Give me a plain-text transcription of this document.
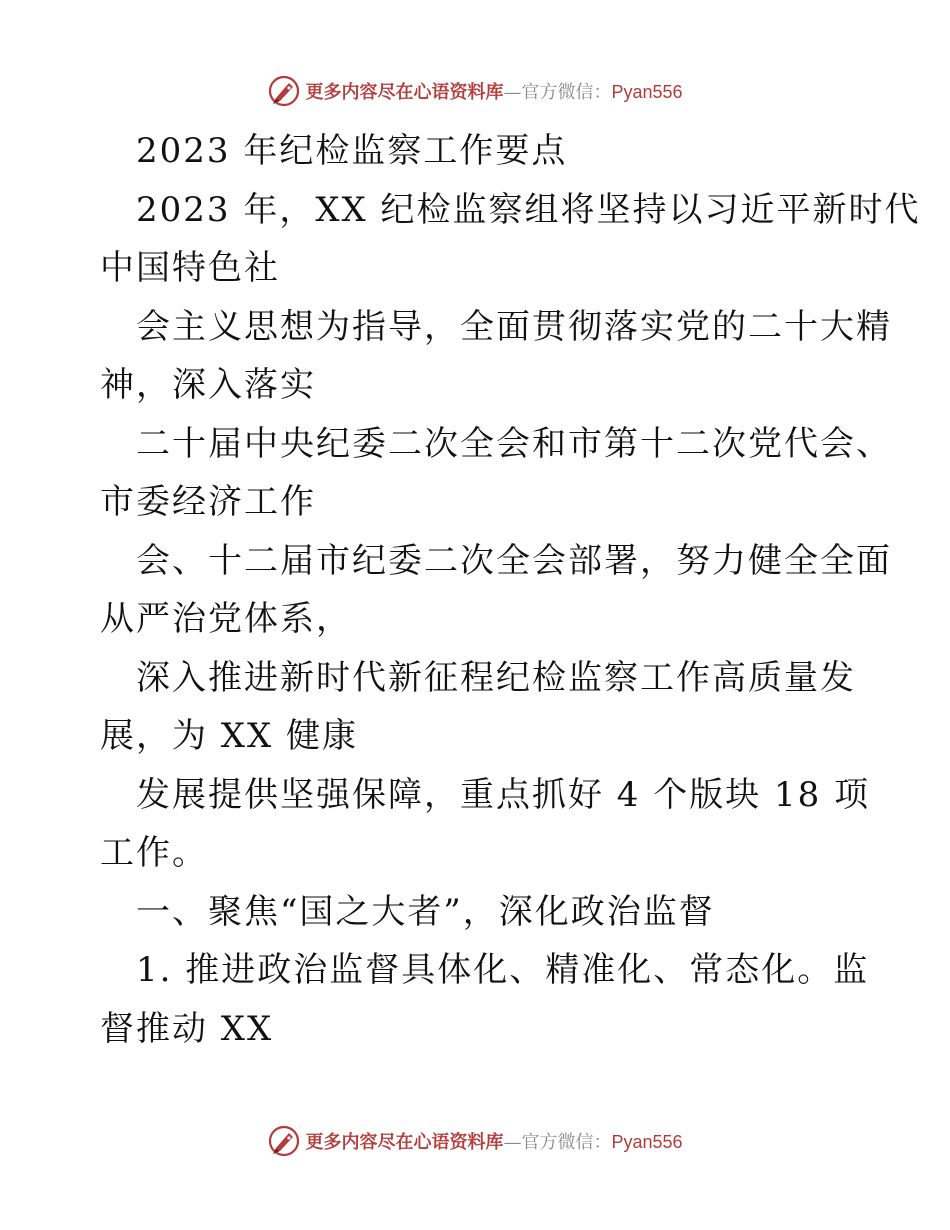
更多内容尽在心语资料库—官方微信：Pyan556

2023 年纪检监察工作要点

2023 年，XX 纪检监察组将坚持以习近平新时代

中国特色社

会主义思想为指导，全面贯彻落实党的二十大精

神，深入落实

二十届中央纪委二次全会和市第十二次党代会、

市委经济工作

会、十二届市纪委二次全会部署，努力健全全面

从严治党体系，

深入推进新时代新征程纪检监察工作高质量发

展，为 XX 健康

发展提供坚强保障，重点抓好 4 个版块 18 项

工作。

一、聚焦“国之大者”，深化政治监督

1. 推进政治监督具体化、精准化、常态化。监

督推动 XX

更多内容尽在心语资料库—官方微信：Pyan556
